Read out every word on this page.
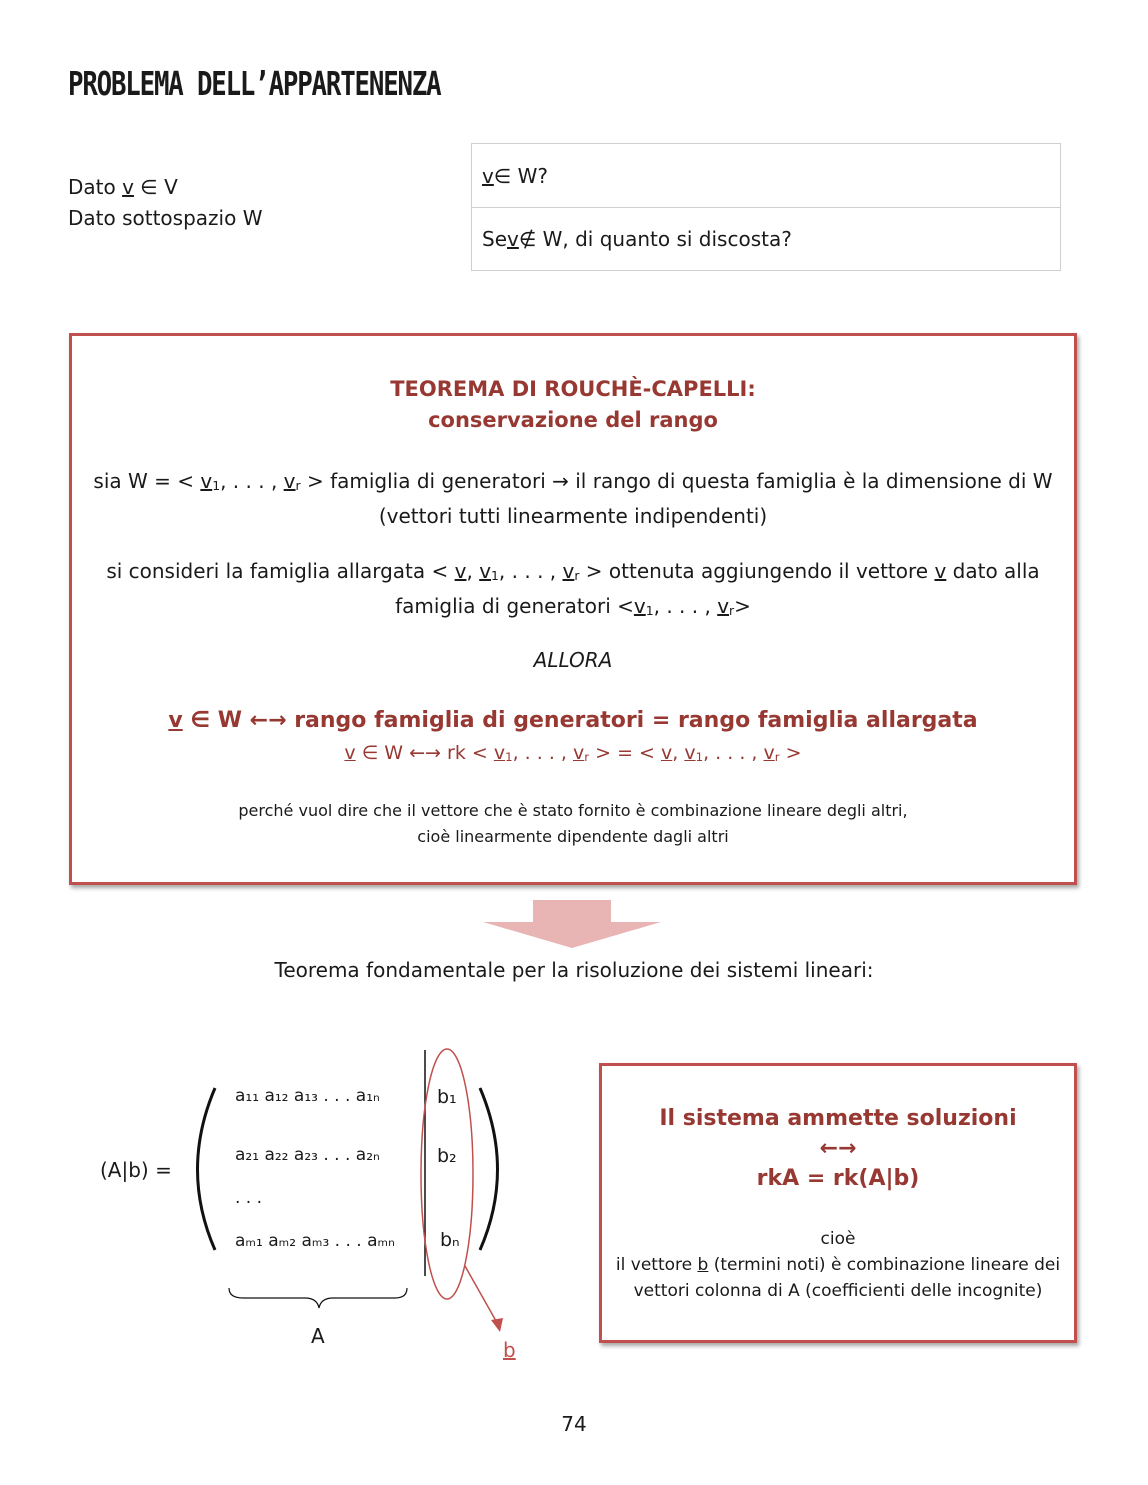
PROBLEMA DELL’APPARTENENZA
Dato v ∈ V
Dato sottospazio W
v ∈ W?
Se v ∉ W, di quanto si discosta?
TEOREMA DI ROUCHÈ-CAPELLI:
conservazione del rango
sia W = < v1, . . . , vr > famiglia di generatori → il rango di questa famiglia è la dimensione di W
(vettori tutti linearmente indipendenti)
si consideri la famiglia allargata < v, v1, . . . , vr > ottenuta aggiungendo il vettore v dato alla
famiglia di generatori <v1, . . . , vr>
ALLORA
v ∈ W ←→ rango famiglia di generatori = rango famiglia allargata
v ∈ W ←→ rk < v1, . . . , vr > = < v, v1, . . . , vr >
perché vuol dire che il vettore che è stato fornito è combinazione lineare degli altri,
cioè linearmente dipendente dagli altri
Teorema fondamentale per la risoluzione dei sistemi lineari:
(A|b) =
a₁₁ a₁₂ a₁₃ . . . a₁ₙ
a₂₁ a₂₂ a₂₃ . . . a₂ₙ
. . .
aₘ₁ aₘ₂ aₘ₃ . . . aₘₙ
b₁
b₂
bₙ
A
b
Il sistema ammette soluzioni
←→
rkA = rk(A|b)
cioè
il vettore b (termini noti) è combinazione lineare dei
vettori colonna di A (coefficienti delle incognite)
74
